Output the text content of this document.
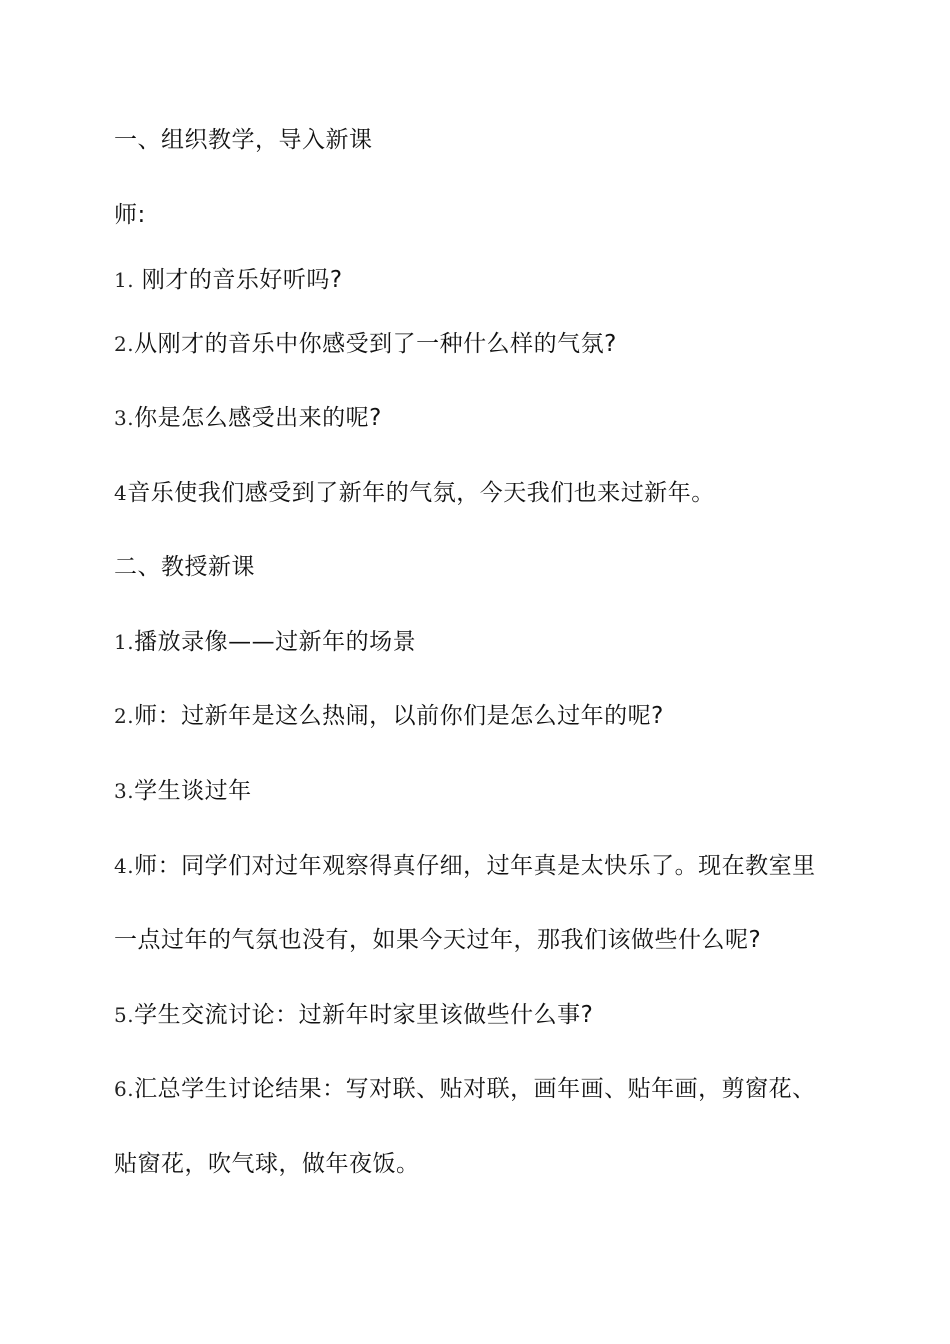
一、组织教学，导入新课

师:

1. 刚才的音乐好听吗?

2.从刚才的音乐中你感受到了一种什么样的气氛?

3.你是怎么感受出来的呢?

4音乐使我们感受到了新年的气氛，今天我们也来过新年。

二、教授新课

1.播放录像——过新年的场景

2.师：过新年是这么热闹，以前你们是怎么过年的呢?

3.学生谈过年

4.师：同学们对过年观察得真仔细，过年真是太快乐了。现在教室里

一点过年的气氛也没有，如果今天过年，那我们该做些什么呢?

5.学生交流讨论：过新年时家里该做些什么事?

6.汇总学生讨论结果：写对联、贴对联，画年画、贴年画，剪窗花、

贴窗花，吹气球，做年夜饭。
